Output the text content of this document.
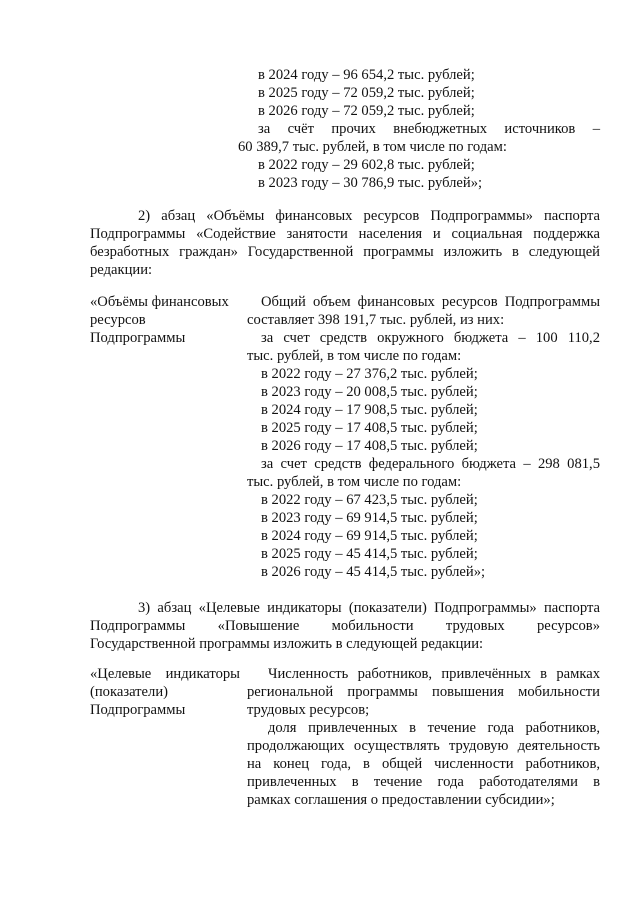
в 2024 году – 96 654,2 тыс. рублей;
в 2025 году – 72 059,2 тыс. рублей;
в 2026 году – 72 059,2 тыс. рублей;
за счёт прочих внебюджетных источников –
60 389,7 тыс. рублей, в том числе по годам:
в 2022 году – 29 602,8 тыс. рублей;
в 2023 году – 30 786,9 тыс. рублей»;
2) абзац «Объёмы финансовых ресурсов Подпрограммы» паспорта
Подпрограммы «Содействие занятости населения и социальная поддержка
безработных граждан» Государственной программы изложить в следующей
редакции:
«Объёмы финансовых
ресурсов
Подпрограммы
Общий объем финансовых ресурсов Подпрограммы
составляет 398 191,7 тыс. рублей, из них:
за счет средств окружного бюджета – 100 110,2
тыс. рублей, в том числе по годам:
в 2022 году – 27 376,2 тыс. рублей;
в 2023 году – 20 008,5 тыс. рублей;
в 2024 году – 17 908,5 тыс. рублей;
в 2025 году – 17 408,5 тыс. рублей;
в 2026 году – 17 408,5 тыс. рублей;
за счет средств федерального бюджета – 298 081,5
тыс. рублей, в том числе по годам:
в 2022 году – 67 423,5 тыс. рублей;
в 2023 году – 69 914,5 тыс. рублей;
в 2024 году – 69 914,5 тыс. рублей;
в 2025 году – 45 414,5 тыс. рублей;
в 2026 году – 45 414,5 тыс. рублей»;
3) абзац «Целевые индикаторы (показатели) Подпрограммы» паспорта
Подпрограммы «Повышение мобильности трудовых ресурсов»
Государственной программы изложить в следующей редакции:
«Целевые индикаторы
(показатели)
Подпрограммы
Численность работников, привлечённых в рамках
региональной программы повышения мобильности
трудовых ресурсов;
доля привлеченных в течение года работников,
продолжающих осуществлять трудовую деятельность
на конец года, в общей численности работников,
привлеченных в течение года работодателями в
рамках соглашения о предоставлении субсидии»;
